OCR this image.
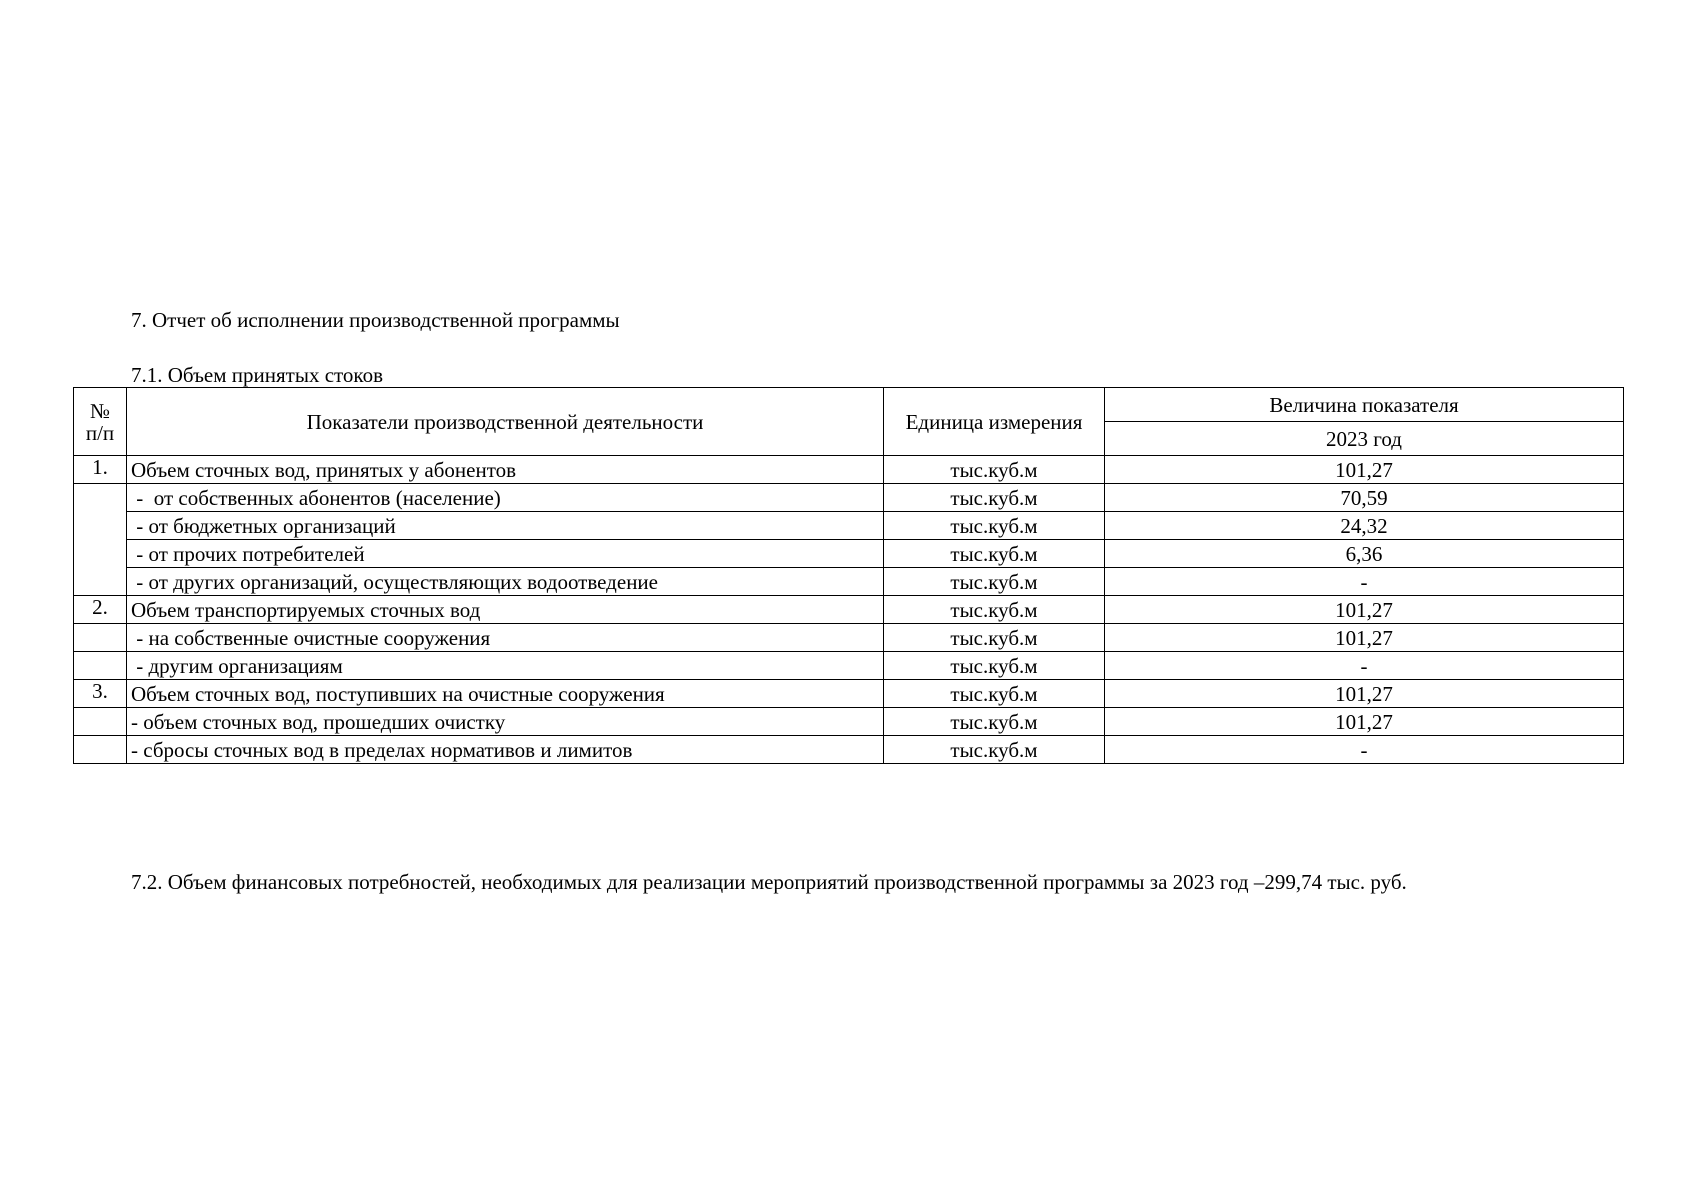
7. Отчет об исполнении производственной программы
7.1. Объем принятых стоков
№
п/п	Показатели производственной деятельности	Единица измерения	Величина показателя
			2023 год
1.	Объем сточных вод, принятых у абонентов	тыс.куб.м	101,27
	-  от собственных абонентов (население)	тыс.куб.м	70,59
	- от бюджетных организаций	тыс.куб.м	24,32
	- от прочих потребителей	тыс.куб.м	6,36
	- от других организаций, осуществляющих водоотведение	тыс.куб.м	-
2.	Объем транспортируемых сточных вод	тыс.куб.м	101,27
	- на собственные очистные сооружения	тыс.куб.м	101,27
	- другим организациям	тыс.куб.м	-
3.	Объем сточных вод, поступивших на очистные сооружения	тыс.куб.м	101,27
	- объем сточных вод, прошедших очистку	тыс.куб.м	101,27
	- сбросы сточных вод в пределах нормативов и лимитов	тыс.куб.м	-
7.2. Объем финансовых потребностей, необходимых для реализации мероприятий производственной программы за 2023 год –299,74 тыс. руб.
